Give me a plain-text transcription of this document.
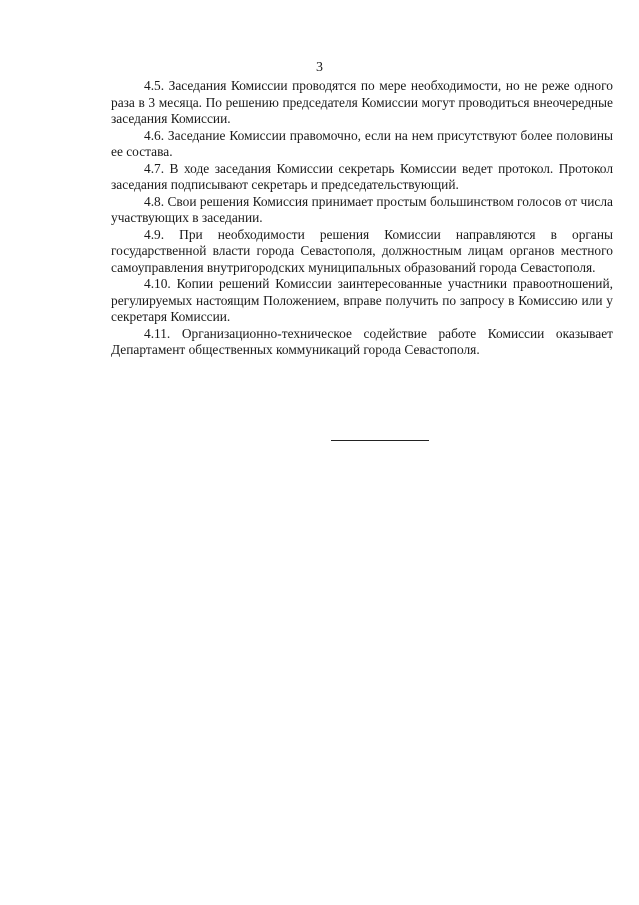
3

4.5. Заседания Комиссии проводятся по мере необходимости, но не реже одного раза в 3 месяца. По решению председателя Комиссии могут проводиться внеочередные заседания Комиссии.

4.6. Заседание Комиссии правомочно, если на нем присутствуют более половины ее состава.

4.7. В ходе заседания Комиссии секретарь Комиссии ведет протокол. Протокол заседания подписывают секретарь и председательствующий.

4.8. Свои решения Комиссия принимает простым большинством голосов от числа участвующих в заседании.

4.9. При необходимости решения Комиссии направляются в органы государственной власти города Севастополя, должностным лицам органов местного самоуправления внутригородских муниципальных образований города Севастополя.

4.10. Копии решений Комиссии заинтересованные участники правоотношений, регулируемых настоящим Положением, вправе получить по запросу в Комиссию или у секретаря Комиссии.

4.11. Организационно-техническое содействие работе Комиссии оказывает Департамент общественных коммуникаций города Севастополя.
